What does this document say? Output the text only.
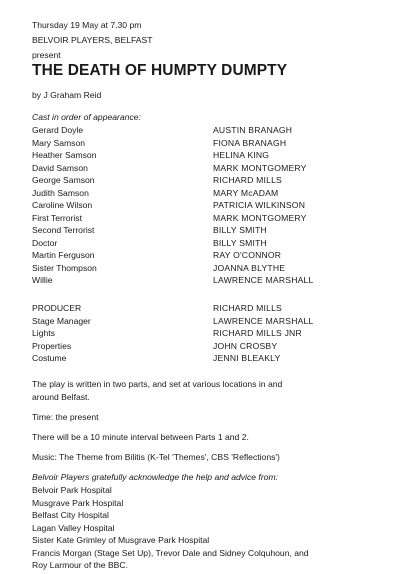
Thursday 19 May at 7.30 pm
BELVOIR PLAYERS, BELFAST
present
THE DEATH OF HUMPTY DUMPTY
by J Graham Reid
Cast in order of appearance:
Gerard Doyle	AUSTIN BRANAGH
Mary Samson	FIONA BRANAGH
Heather Samson	HELINA KING
David Samson	MARK MONTGOMERY
George Samson	RICHARD MILLS
Judith Samson	MARY McADAM
Caroline Wilson	PATRICIA WILKINSON
First Terrorist	MARK MONTGOMERY
Second Terrorist	BILLY SMITH
Doctor	BILLY SMITH
Martin Ferguson	RAY O'CONNOR
Sister Thompson	JOANNA BLYTHE
Willie	LAWRENCE MARSHALL
PRODUCER	RICHARD MILLS
Stage Manager	LAWRENCE MARSHALL
Lights	RICHARD MILLS JNR
Properties	JOHN CROSBY
Costume	JENNI BLEAKLY
The play is written in two parts, and set at various locations in and
around Belfast.
Time: the present
There will be a 10 minute interval between Parts 1 and 2.
Music: The Theme from Bilitis (K-Tel 'Themes', CBS 'Reflections')
Belvoir Players gratefully acknowledge the help and advice from:
Belvoir Park Hospital
Musgrave Park Hospital
Belfast City Hospital
Lagan Valley Hospital
Sister Kate Grimley of Musgrave Park Hospital
Francis Morgan (Stage Set Up), Trevor Dale and Sidney Colquhoun, and
Roy Larmour of the BBC.
